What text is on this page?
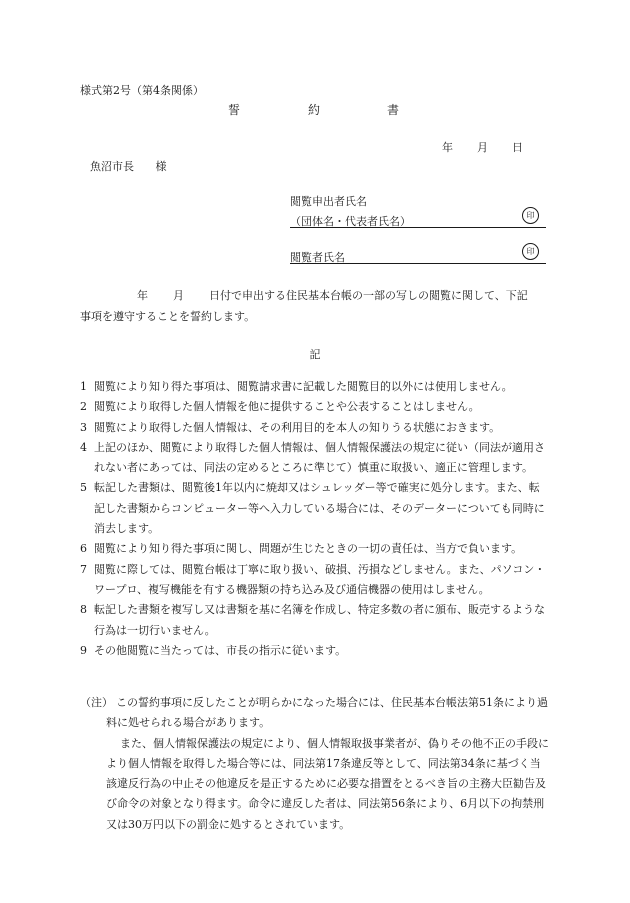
様式第2号（第4条関係）
誓	約	書
年 月 日
魚沼市長 様
閲覧申出者氏名
（団体名・代表者氏名）	印
閲覧者氏名	印
年 月 日付で申出する住民基本台帳の一部の写しの閲覧に関して、下記
事項を遵守することを誓約します。
記
1 閲覧により知り得た事項は、閲覧請求書に記載した閲覧目的以外には使用しません。
2 閲覧により取得した個人情報を他に提供することや公表することはしません。
3 閲覧により取得した個人情報は、その利用目的を本人の知りうる状態におきます。
4 上記のほか、閲覧により取得した個人情報は、個人情報保護法の規定に従い（同法が適用されない者にあっては、同法の定めるところに準じて）慎重に取扱い、適正に管理します。
5 転記した書類は、閲覧後1年以内に焼却又はシュレッダー等で確実に処分します。また、転記した書類からコンピューター等へ入力している場合には、そのデーターについても同時に消去します。
6 閲覧により知り得た事項に関し、問題が生じたときの一切の責任は、当方で負います。
7 閲覧に際しては、閲覧台帳は丁寧に取り扱い、破損、汚損などしません。また、パソコン・ワープロ、複写機能を有する機器類の持ち込み及び通信機器の使用はしません。
8 転記した書類を複写し又は書類を基に名簿を作成し、特定多数の者に頒布、販売するような行為は一切行いません。
9 その他閲覧に当たっては、市長の指示に従います。
（注） この誓約事項に反したことが明らかになった場合には、住民基本台帳法第51条により過料に処せられる場合があります。
また、個人情報保護法の規定により、個人情報取扱事業者が、偽りその他不正の手段により個人情報を取得した場合等には、同法第17条違反等として、同法第34条に基づく当該違反行為の中止その他違反を是正するために必要な措置をとるべき旨の主務大臣勧告及び命令の対象となり得ます。命令に違反した者は、同法第56条により、6月以下の拘禁刑又は30万円以下の罰金に処するとされています。
